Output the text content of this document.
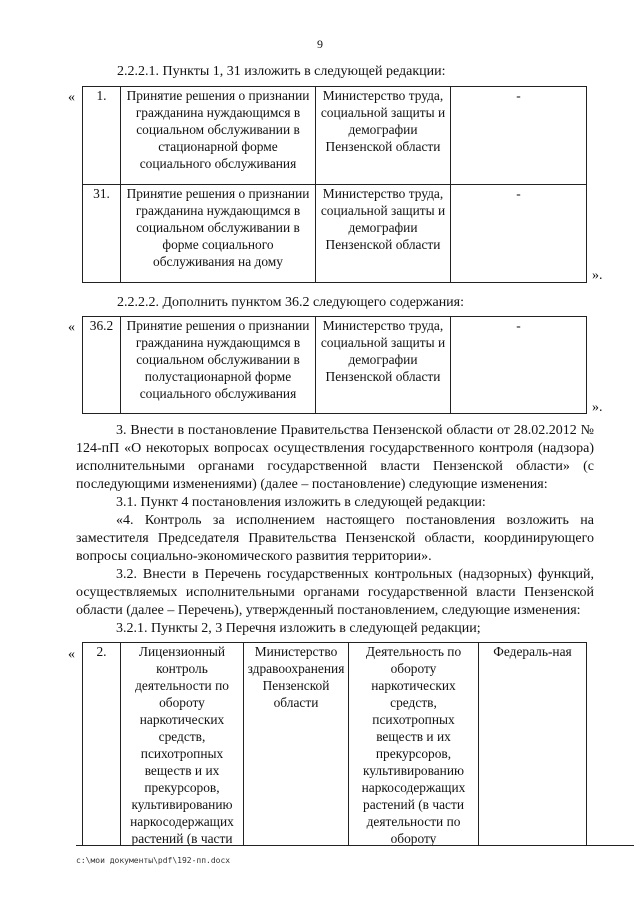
9
2.2.2.1. Пункты 1, 31 изложить в следующей редакции:
« 1.	Принятие решения о признании гражданина нуждающимся в социальном обслуживании в стационарной форме социального обслуживания	Министерство труда, социальной защиты и демографии Пензенской области	-
31.	Принятие решения о признании гражданина нуждающимся в социальном обслуживании в форме социального обслуживания на дому	Министерство труда, социальной защиты и демографии Пензенской области	-
».
2.2.2.2. Дополнить пунктом 36.2 следующего содержания:
« 36.2	Принятие решения о признании гражданина нуждающимся в социальном обслуживании в полустационарной форме социального обслуживания	Министерство труда, социальной защиты и демографии Пензенской области	-
».

3. Внести в постановление Правительства Пензенской области от 28.02.2012 № 124-пП «О некоторых вопросах осуществления государственного контроля (надзора) исполнительными органами государственной власти Пензенской области» (с последующими изменениями) (далее – постановление) следующие изменения:

3.1. Пункт 4 постановления изложить в следующей редакции:

«4. Контроль за исполнением настоящего постановления возложить на заместителя Председателя Правительства Пензенской области, координирующего вопросы социально-экономического развития территории».

3.2. Внести в Перечень государственных контрольных (надзорных) функций, осуществляемых исполнительными органами государственной власти Пензенской области (далее – Перечень), утвержденный постановлением, следующие изменения:

3.2.1. Пункты 2, 3 Перечня изложить в следующей редакции;

« 2.	Лицензионный контроль деятельности по обороту наркотических средств, психотропных веществ и их прекурсоров, культивированию наркосодержащих растений (в части	Министерство здравоохранения Пензенской области	Деятельность по обороту наркотических средств, психотропных веществ и их прекурсоров, культивированию наркосодержащих растений (в части деятельности по обороту	Федераль-ная
c:\мои документы\pdf\192-пп.docx
